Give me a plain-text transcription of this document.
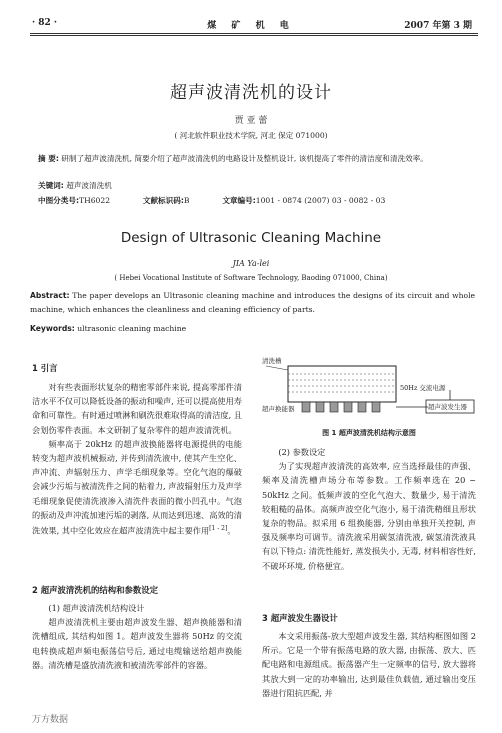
· 82 ·	煤 矿 机 电	2007 年第 3 期
超声波清洗机的设计
贾 亚 蕾
( 河北软件职业技术学院, 河北 保定 071000)
摘 要: 研制了超声波清洗机, 简要介绍了超声波清洗机的电路设计及整机设计, 该机提高了零件的清洁度和清洗效率。
关键词: 超声波清洗机
中图分类号:TH6022	文献标识码:B	文章编号:1001 - 0874 (2007) 03 - 0082 - 03
Design of Ultrasonic Cleaning Machine
JIA Ya-lei
( Hebei Vocational Institute of Software Technology, Baoding 071000, China)
Abstract: The paper develops an Ultrasonic cleaning machine and introduces the designs of its circuit and whole machine, which enhances the cleanliness and cleaning efficiency of parts.
Keywords: ultrasonic cleaning machine
1 引言

对有些表面形状复杂的精密零部件来说, 提高零部件清洁水平不仅可以降低设备的振动和噪声, 还可以提高使用寿命和可靠性。有时通过喷淋和刷洗很难取得高的清洁度, 且会划伤零件表面。本文研制了复杂零件的超声波清洗机。

频率高于 20kHz 的超声波换能器将电源提供的电能转变为超声波机械振动, 并传到清洗液中, 使其产生空化、声冲流、声辐射压力、声学毛细现象等。空化气泡的爆破会减少污垢与被清洗件之间的粘着力, 声波辐射压力及声学毛细现象促使清洗液渗入清洗件表面的微小凹孔中。气泡的振动及声冲流加速污垢的剥落, 从而达到迅速、高效的清洗效果, 其中空化效应在超声波清洗中起主要作用[1 - 2]。

2 超声波清洗机的结构和参数设定

(1) 超声波清洗机结构设计

超声波清洗机主要由超声波发生器、超声换能器和清洗槽组成, 其结构如图 1。超声波发生器将 50Hz 的交流电转换成超声频电振荡信号后, 通过电缆输送给超声换能器。清洗槽是盛放清洗液和被清洗零部件的容器。

清洗槽
50Hz 交流电源
超声换能器	超声波发生器
图 1 超声波清洗机结构示意图

(2) 参数设定

为了实现超声波清洗的高效率, 应当选择最佳的声强、频率及清洗槽声场分布等参数。工作频率选在 20 ~ 50kHz 之间。低频声波的空化气泡大、数量少, 易于清洗较粗糙的晶体。高频声波空化气泡小, 易于清洗精细且形状复杂的物品。拟采用 6 组换能器, 分别由单独开关控制, 声强及频率均可调节。清洗液采用碳氢清洗液, 碳氢清洗液具有以下特点: 清洗性能好, 蒸发损失小, 无毒, 材料相容性好, 不破坏环境, 价格便宜。

3 超声波发生器设计

本文采用振荡-放大型超声波发生器, 其结构框图如图 2 所示。它是一个带有振荡电路的放大器, 由振荡、放大、匹配电路和电源组成。振荡器产生一定频率的信号, 放大器将其放大到一定的功率输出, 达到最佳负载值, 通过输出变压器进行阻抗匹配, 并

万方数据
